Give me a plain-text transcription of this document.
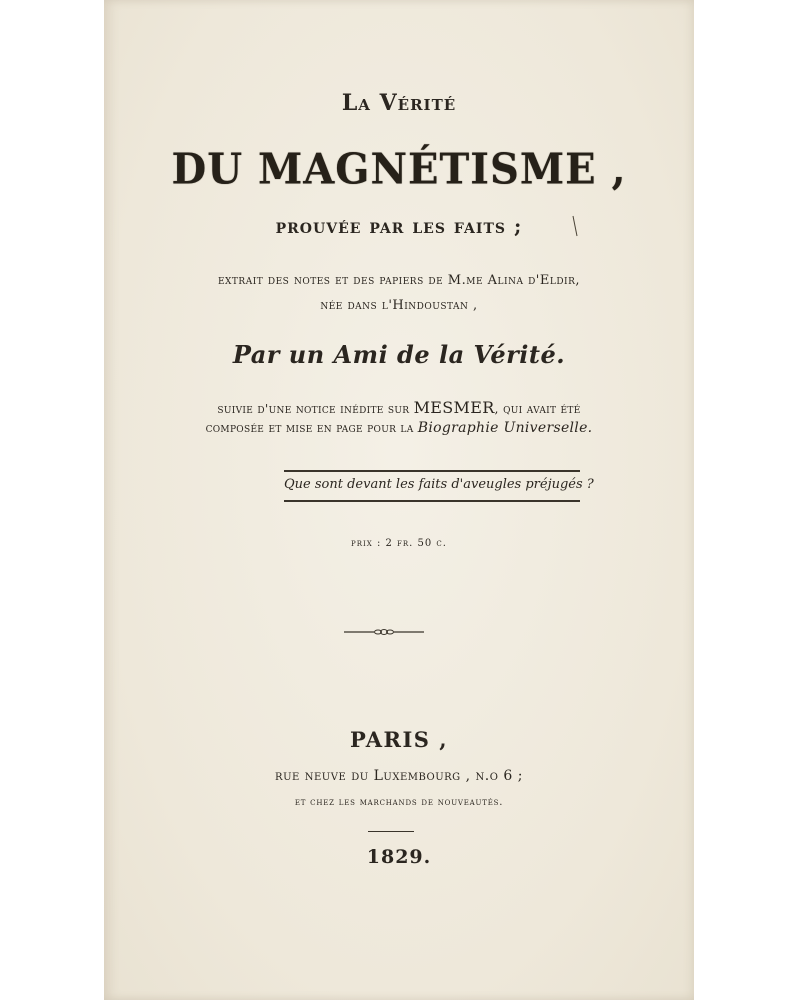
La Vérité
DU MAGNÉTISME ,
prouvée par les faits ;
extrait des notes et des papiers de M.me Alina d'Eldir,
née dans l'Hindoustan ,
Par un Ami de la Vérité.
suivie d'une notice inédite sur MESMER, qui avait été
composée et mise en page pour la Biographie Universelle.
Que sont devant les faits d'aveugles préjugés ?
prix : 2 fr. 50 c.
PARIS ,
rue neuve du Luxembourg , n.o 6 ;
et chez les marchands de nouveautés.
1829.
